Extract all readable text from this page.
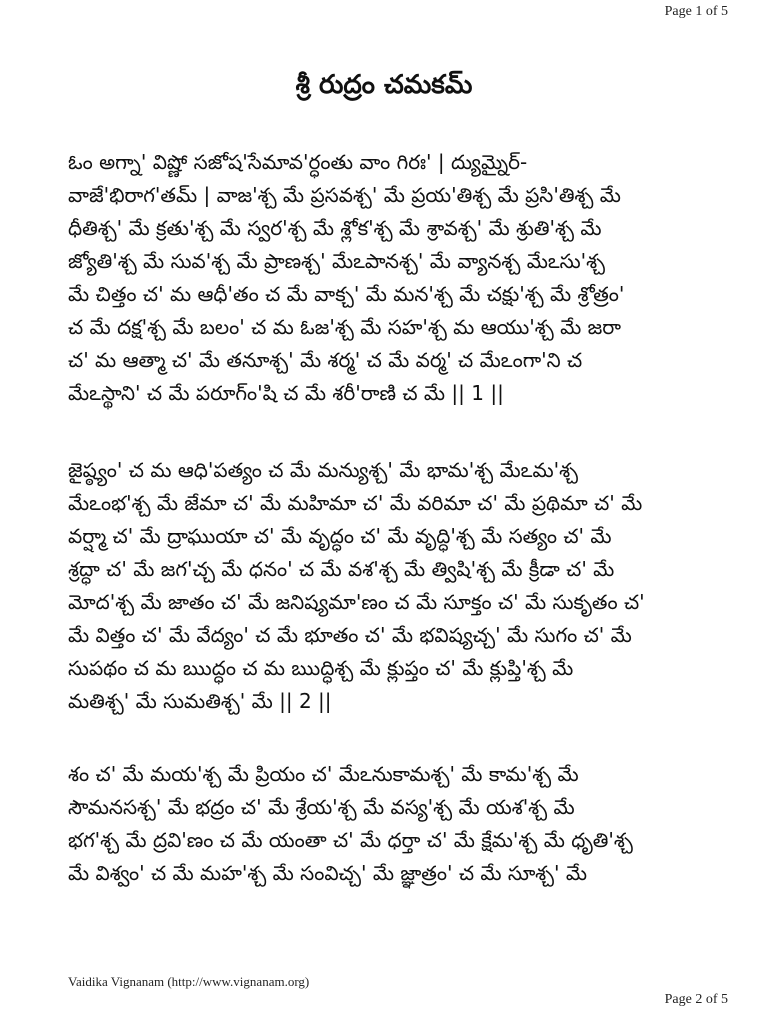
Page 1 of 5
శ్రీ రుద్రం చమకమ్
ఓం అగ్నా' విష్ణో సజోష'సేమావ'ర్ధంతు వాం గిరః' | ద్యుమ్నైర్-
వాజే'భిరాగ'తమ్ | వాజ'శ్చ మే ప్రసవశ్చ' మే ప్రయ'తిశ్చ మే ప్రసి'తిశ్చ మే
ధీతిశ్చ' మే క్రతు'శ్చ మే స్వర'శ్చ మే శ్లోక'శ్చ మే శ్రావశ్చ' మే శ్రుతి'శ్చ మే
జ్యోతి'శ్చ మే సువ'శ్చ మే ప్రాణశ్చ' మేఽపానశ్చ' మే వ్యానశ్చ మేఽసు'శ్చ
మే చిత్తం చ' మ ఆధీ'తం చ మే వాక్చ' మే మన'శ్చ మే చక్షు'శ్చ మే శ్రోత్రం'
చ మే దక్ష'శ్చ మే బలం' చ మ ఓజ'శ్చ మే సహ'శ్చ మ ఆయు'శ్చ మే జరా
చ' మ ఆత్మా చ' మే తనూశ్చ' మే శర్మ' చ మే వర్మ' చ మేఽంగా'ని చ
మేఽస్థాని' చ మే పరూగ్ం'షి చ మే శరీ'రాణి చ మే || 1 ||
జైష్ఠ్యం' చ మ ఆధి'పత్యం చ మే మన్యుశ్చ' మే భామ'శ్చ మేఽమ'శ్చ
మేఽంభ'శ్చ మే జేమా చ' మే మహిమా చ' మే వరిమా చ' మే ప్రథిమా చ' మే
వర్ష్మా చ' మే ద్రాఘుయా చ' మే వృద్ధం చ' మే వృద్ధి'శ్చ మే సత్యం చ' మే
శ్రద్ధా చ' మే జగ'చ్చ మే ధనం' చ మే వశ'శ్చ మే త్విషి'శ్చ మే క్రీడా చ' మే
మోద'శ్చ మే జాతం చ' మే జనిష్యమా'ణం చ మే సూక్తం చ' మే సుకృతం చ'
మే విత్తం చ' మే వేద్యం' చ మే భూతం చ' మే భవిష్యచ్చ' మే సుగం చ' మే
సుపథం చ మ ఋద్ధం చ మ ఋద్ధిశ్చ మే క్లుప్తం చ' మే క్లుప్తి'శ్చ మే
మతిశ్చ' మే సుమతిశ్చ' మే || 2 ||
శం చ' మే మయ'శ్చ మే ప్రియం చ' మేఽనుకామశ్చ' మే కామ'శ్చ మే
సౌమనసశ్చ' మే భద్రం చ' మే శ్రేయ'శ్చ మే వస్య'శ్చ మే యశ'శ్చ మే
భగ'శ్చ మే ద్రవి'ణం చ మే యంతా చ' మే ధర్తా చ' మే క్షేమ'శ్చ మే ధృతి'శ్చ
మే విశ్వం' చ మే మహ'శ్చ మే సంవిచ్చ' మే జ్ఞాత్రం' చ మే సూశ్చ' మే
Vaidika Vignanam (http://www.vignanam.org)
Page 2 of 5
